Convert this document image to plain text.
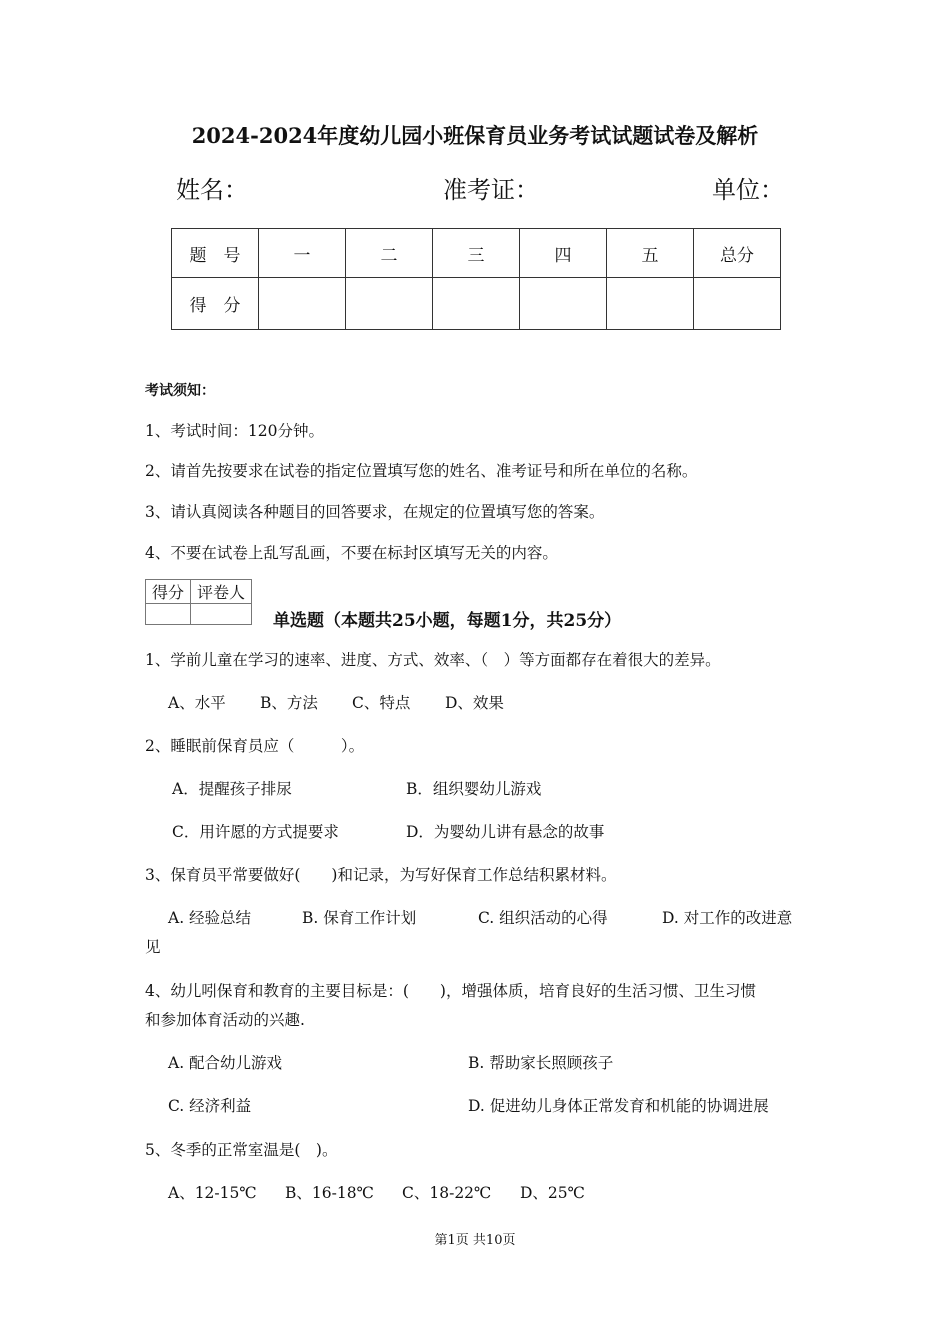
2024-2024年度幼儿园小班保育员业务考试试题试卷及解析
姓名：	准考证：	单位：
题　号	一	二	三	四	五	总分
得　分						
考试须知：
1、考试时间：120分钟。
2、请首先按要求在试卷的指定位置填写您的姓名、准考证号和所在单位的名称。
3、请认真阅读各种题目的回答要求，在规定的位置填写您的答案。
4、不要在试卷上乱写乱画，不要在标封区填写无关的内容。
得分	评卷人

单选题（本题共25小题，每题1分，共25分）
1、学前儿童在学习的速率、进度、方式、效率、（　）等方面都存在着很大的差异。
A、水平 B、方法 C、特点 D、效果
2、睡眠前保育员应（　　　）。
A．提醒孩子排尿	B．组织婴幼儿游戏
C．用许愿的方式提要求	D．为婴幼儿讲有悬念的故事
3、保育员平常要做好(　　)和记录，为写好保育工作总结积累材料。
A. 经验总结	B. 保育工作计划	C. 组织活动的心得	D. 对工作的改进意
见
4、幼儿吲保育和教育的主要目标是：(　　)，增强体质，培育良好的生活习惯、卫生习惯
和参加体育活动的兴趣.
A. 配合幼儿游戏	B. 帮助家长照顾孩子
C. 经济利益	D. 促进幼儿身体正常发育和机能的协调进展
5、冬季的正常室温是(　)。
A、12-15℃ B、16-18℃ C、18-22℃ D、25℃
第1页 共10页
